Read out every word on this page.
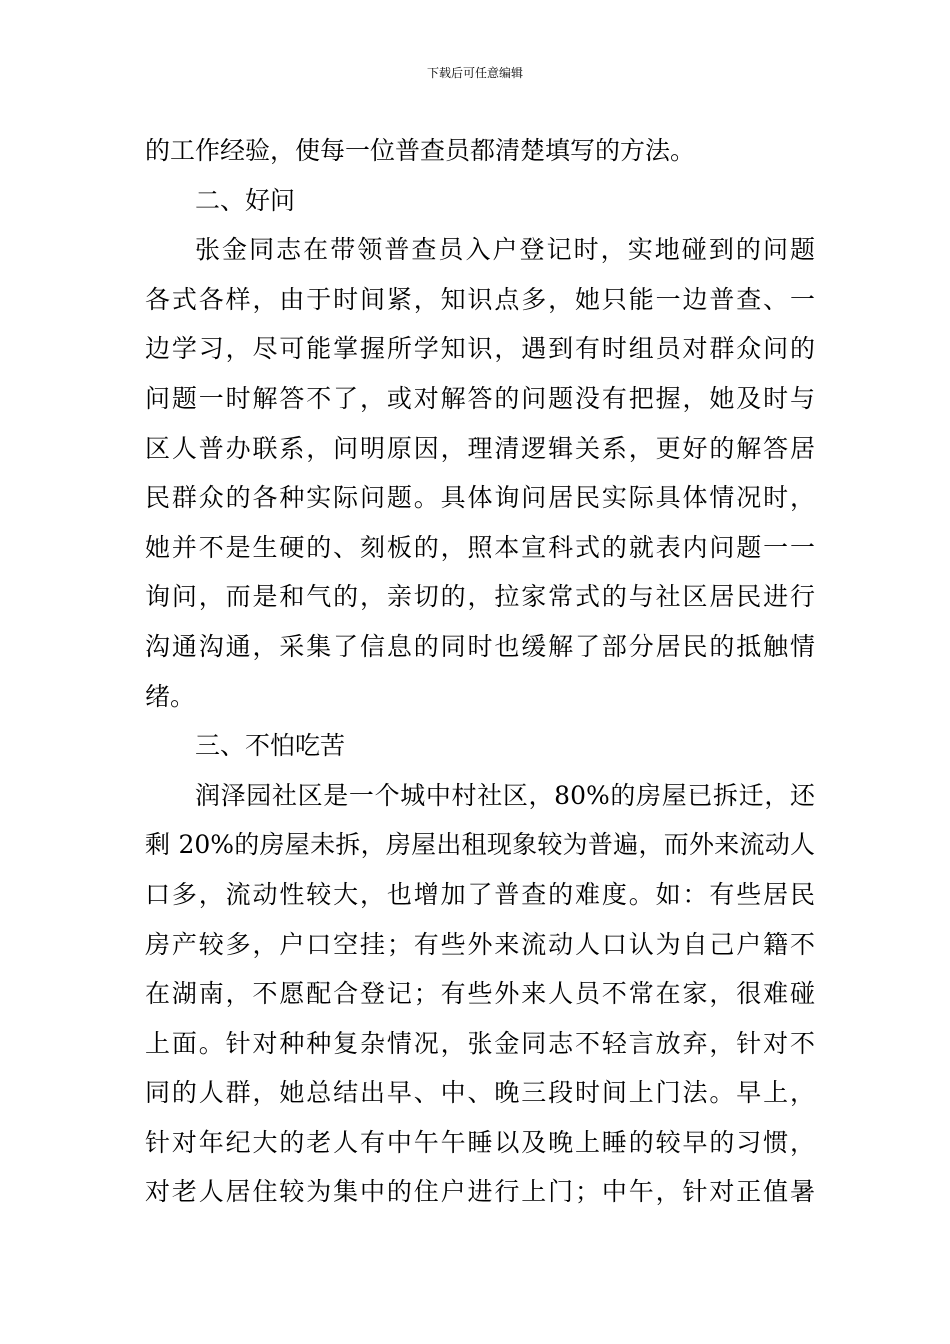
下载后可任意编辑
的工作经验，使每一位普查员都清楚填写的方法。
二、好问
张金同志在带领普查员入户登记时，实地碰到的问题
各式各样，由于时间紧，知识点多，她只能一边普查、一
边学习，尽可能掌握所学知识，遇到有时组员对群众问的
问题一时解答不了，或对解答的问题没有把握，她及时与
区人普办联系，问明原因，理清逻辑关系，更好的解答居
民群众的各种实际问题。具体询问居民实际具体情况时，
她并不是生硬的、刻板的，照本宣科式的就表内问题一一
询问，而是和气的，亲切的，拉家常式的与社区居民进行
沟通沟通，采集了信息的同时也缓解了部分居民的抵触情
绪。
三、不怕吃苦
润泽园社区是一个城中村社区，80%的房屋已拆迁，还
剩 20%的房屋未拆，房屋出租现象较为普遍，而外来流动人
口多，流动性较大，也增加了普查的难度。如：有些居民
房产较多，户口空挂；有些外来流动人口认为自己户籍不
在湖南，不愿配合登记；有些外来人员不常在家，很难碰
上面。针对种种复杂情况，张金同志不轻言放弃，针对不
同的人群，她总结出早、中、晚三段时间上门法。早上，
针对年纪大的老人有中午午睡以及晚上睡的较早的习惯，
对老人居住较为集中的住户进行上门；中午，针对正值暑
